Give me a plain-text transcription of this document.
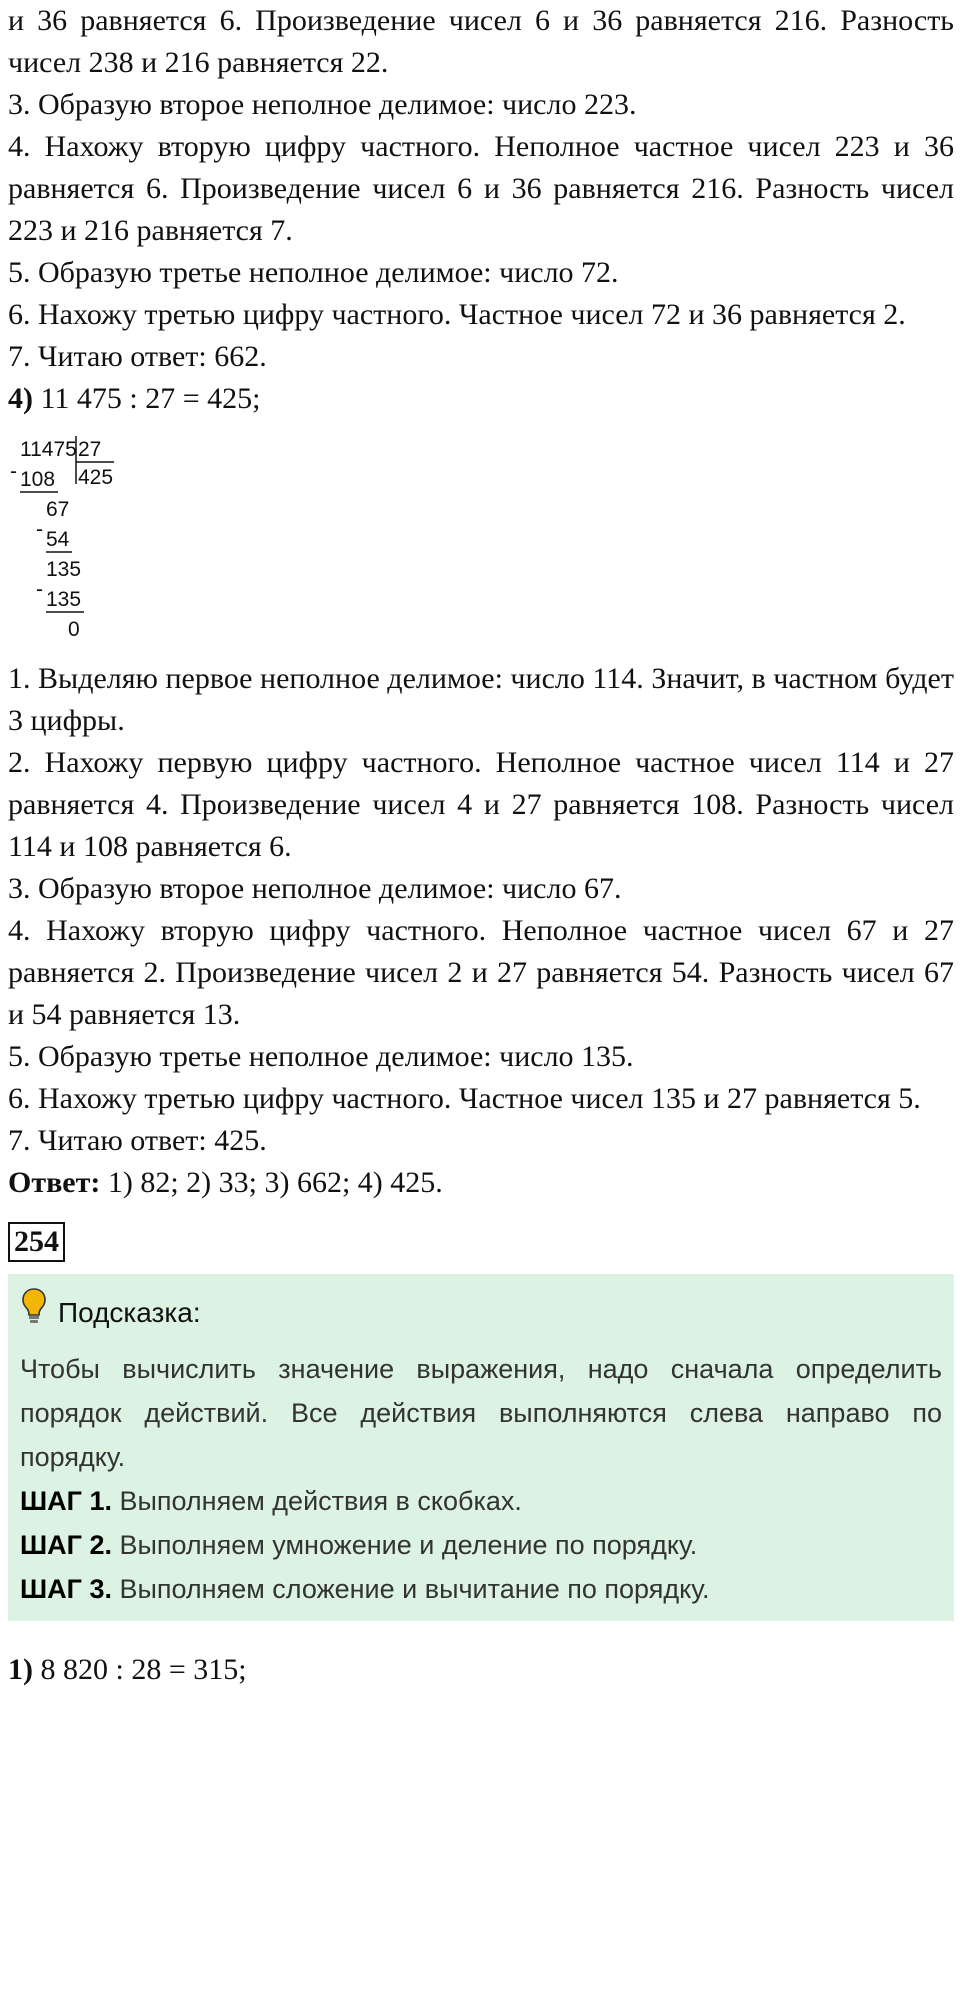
и 36 равняется 6. Произведение чисел 6 и 36 равняется 216. Разность чисел 238 и 216 равняется 22.

3. Образую второе неполное делимое: число 223.

4. Нахожу вторую цифру частного. Неполное частное чисел 223 и 36 равняется 6. Произведение чисел 6 и 36 равняется 216. Разность чисел 223 и 216 равняется 7.

5. Образую третье неполное делимое: число 72.

6. Нахожу третью цифру частного. Частное чисел 72 и 36 равняется 2.

7. Читаю ответ: 662.

4) 11 475 : 27 = 425;

11475 27
425
- 108
67
- 54
135
- 135
0

1. Выделяю первое неполное делимое: число 114. Значит, в частном будет 3 цифры.

2. Нахожу первую цифру частного. Неполное частное чисел 114 и 27 равняется 4. Произведение чисел 4 и 27 равняется 108. Разность чисел 114 и 108 равняется 6.

3. Образую второе неполное делимое: число 67.

4. Нахожу вторую цифру частного. Неполное частное чисел 67 и 27 равняется 2. Произведение чисел 2 и 27 равняется 54. Разность чисел 67 и 54 равняется 13.

5. Образую третье неполное делимое: число 135.

6. Нахожу третью цифру частного. Частное чисел 135 и 27 равняется 5.

7. Читаю ответ: 425.

Ответ: 1) 82; 2) 33; 3) 662; 4) 425.

254
Подсказка:

Чтобы вычислить значение выражения, надо сначала определить порядок действий. Все действия выполняются слева направо по порядку.

ШАГ 1. Выполняем действия в скобках.

ШАГ 2. Выполняем умножение и деление по порядку.

ШАГ 3. Выполняем сложение и вычитание по порядку.

1) 8 820 : 28 = 315;
